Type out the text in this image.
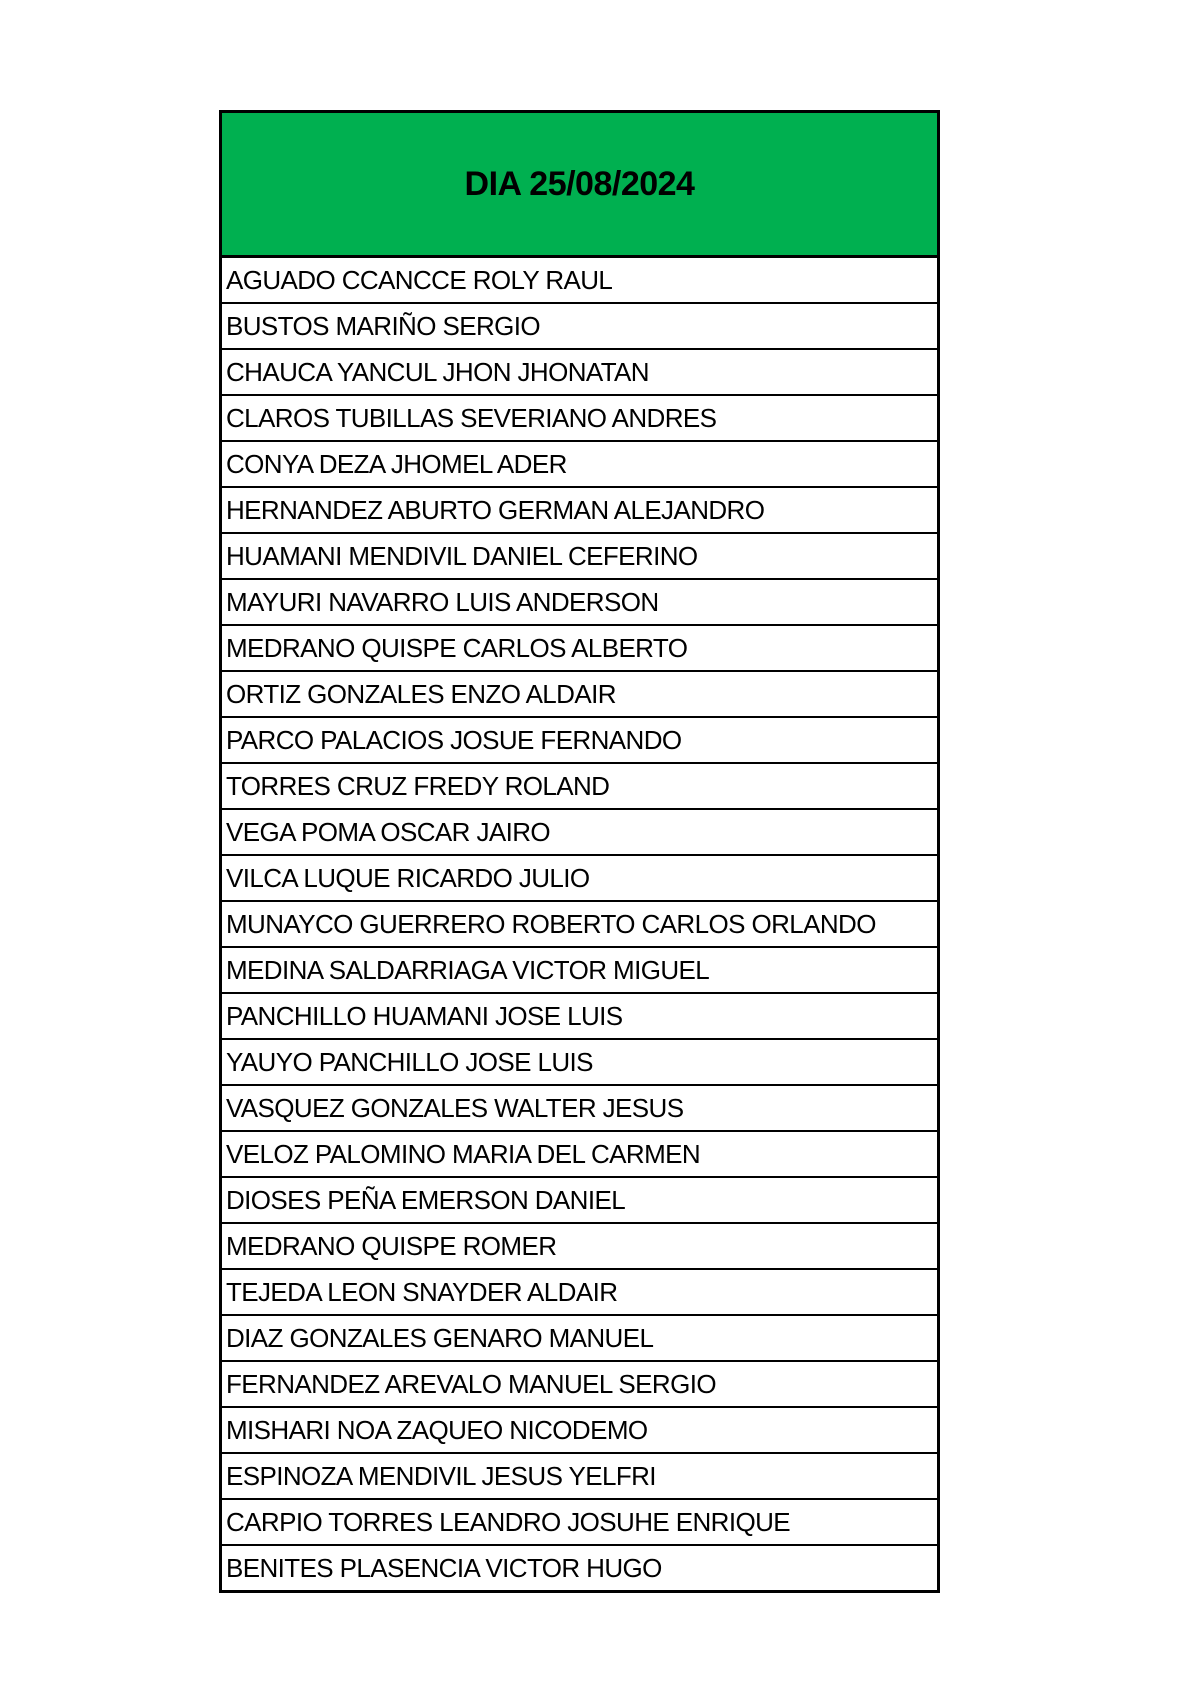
DIA 25/08/2024
AGUADO CCANCCE ROLY RAUL
BUSTOS MARIÑO SERGIO
CHAUCA YANCUL JHON JHONATAN
CLAROS TUBILLAS SEVERIANO ANDRES
CONYA DEZA JHOMEL ADER
HERNANDEZ ABURTO GERMAN ALEJANDRO
HUAMANI MENDIVIL DANIEL CEFERINO
MAYURI NAVARRO LUIS ANDERSON
MEDRANO QUISPE CARLOS ALBERTO
ORTIZ GONZALES ENZO ALDAIR
PARCO PALACIOS JOSUE FERNANDO
TORRES CRUZ FREDY ROLAND
VEGA POMA OSCAR JAIRO
VILCA LUQUE RICARDO JULIO
MUNAYCO GUERRERO ROBERTO CARLOS ORLANDO
MEDINA SALDARRIAGA VICTOR MIGUEL
PANCHILLO HUAMANI JOSE LUIS
YAUYO PANCHILLO JOSE LUIS
VASQUEZ GONZALES WALTER JESUS
VELOZ PALOMINO MARIA DEL CARMEN
DIOSES PEÑA EMERSON DANIEL
MEDRANO QUISPE ROMER
TEJEDA LEON SNAYDER ALDAIR
DIAZ GONZALES GENARO MANUEL
FERNANDEZ AREVALO MANUEL SERGIO
MISHARI NOA ZAQUEO NICODEMO
ESPINOZA MENDIVIL JESUS YELFRI
CARPIO TORRES LEANDRO JOSUHE ENRIQUE
BENITES PLASENCIA VICTOR HUGO
